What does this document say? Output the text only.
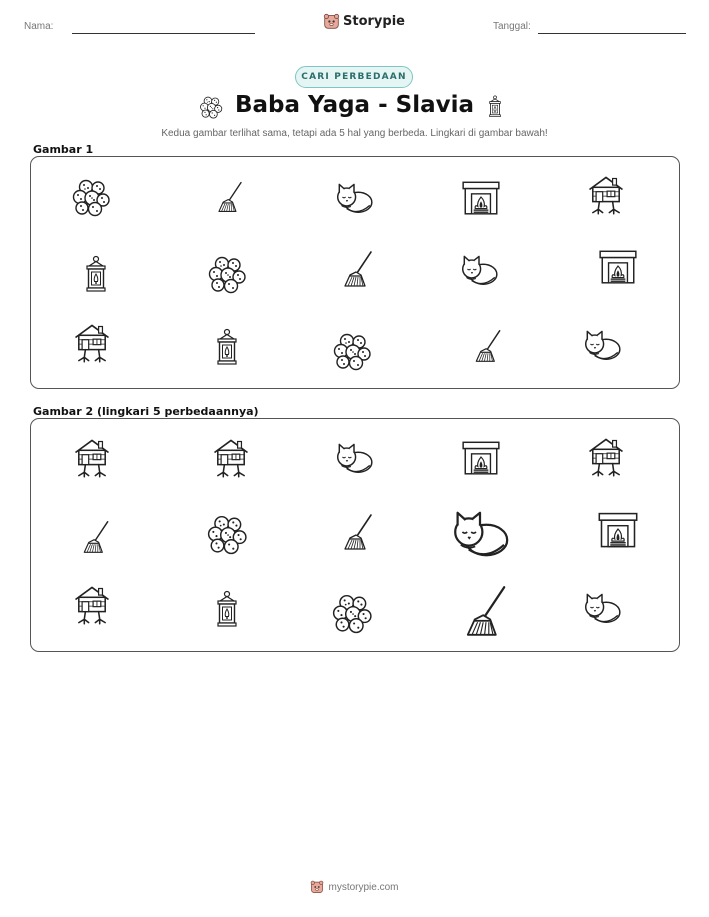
Nama:	Storypie	Tanggal:
CARI PERBEDAAN
Baba Yaga - Slavia
Kedua gambar terlihat sama, tetapi ada 5 hal yang berbeda. Lingkari di gambar bawah!
Gambar 1
Gambar 2 (lingkari 5 perbedaannya)
mystorypie.com
